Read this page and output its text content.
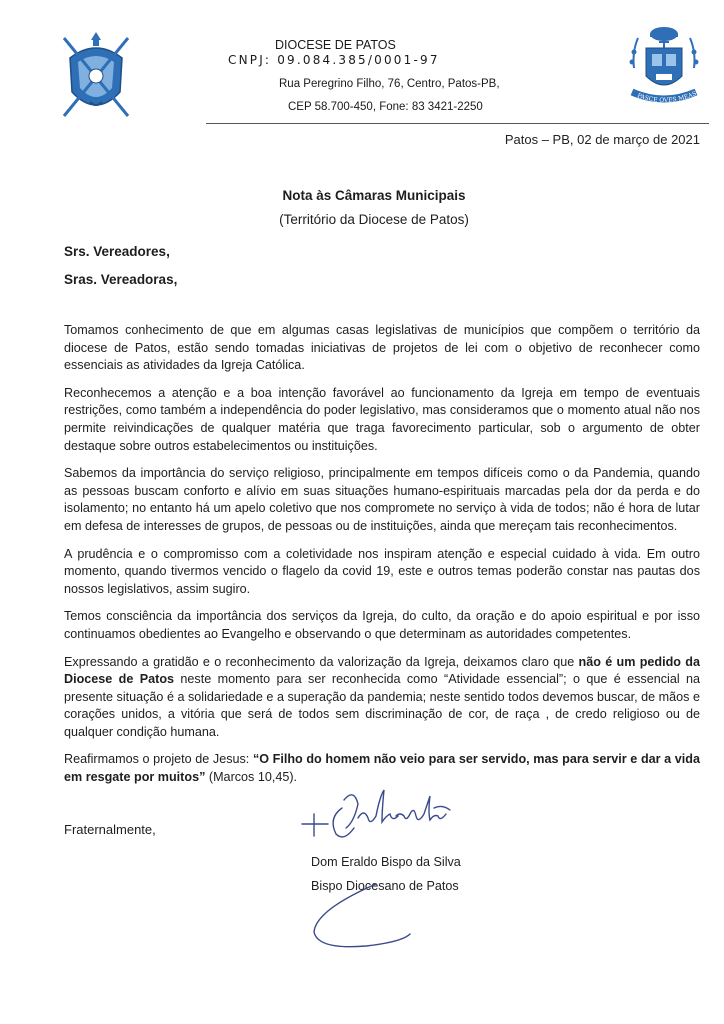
DIOCESE DE PATOS
CNPJ: 09.084.385/0001-97
Rua Peregrino Filho, 76, Centro, Patos-PB,
CEP 58.700-450, Fone: 83 3421-2250
PASCE OVES MEAS
Patos – PB, 02 de março de 2021
Nota às Câmaras Municipais
(Território da Diocese de Patos)
Srs. Vereadores,
Sras. Vereadoras,

Tomamos conhecimento de que em algumas casas legislativas de municípios que compõem o território da diocese de Patos, estão sendo tomadas iniciativas de projetos de lei com o objetivo de reconhecer como essenciais as atividades da Igreja Católica.

Reconhecemos a atenção e a boa intenção favorável ao funcionamento da Igreja em tempo de eventuais restrições, como também a independência do poder legislativo, mas consideramos que o momento atual não nos permite reivindicações de qualquer matéria que traga favorecimento particular, sob o argumento de obter destaque sobre outros estabelecimentos ou instituições.

Sabemos da importância do serviço religioso, principalmente em tempos difíceis como o da Pandemia, quando as pessoas buscam conforto e alívio em suas situações humano-espirituais marcadas pela dor da perda e do isolamento; no entanto há um apelo coletivo que nos compromete no serviço à vida de todos; não é hora de lutar em defesa de interesses de grupos, de pessoas ou de instituições, ainda que mereçam tais reconhecimentos.

A prudência e o compromisso com a coletividade nos inspiram atenção e especial cuidado à vida. Em outro momento, quando tivermos vencido o flagelo da covid 19, este e outros temas poderão constar nas pautas dos nossos legislativos, assim sugiro.

Temos consciência da importância dos serviços da Igreja, do culto, da oração e do apoio espiritual e por isso continuamos obedientes ao Evangelho e observando o que determinam as autoridades competentes.

Expressando a gratidão e o reconhecimento da valorização da Igreja, deixamos claro que não é um pedido da Diocese de Patos neste momento para ser reconhecida como “Atividade essencial”; o que é essencial na presente situação é a solidariedade e a superação da pandemia; neste sentido todos devemos buscar, de mãos e corações unidos, a vitória que será de todos sem discriminação de cor, de raça , de credo religioso ou de qualquer condição humana.

Reafirmamos o projeto de Jesus: “O Filho do homem não veio para ser servido, mas para servir e dar a vida em resgate por muitos” (Marcos 10,45).

Fraternalmente,
Dom Eraldo Bispo da Silva
Bispo Diocesano de Patos
